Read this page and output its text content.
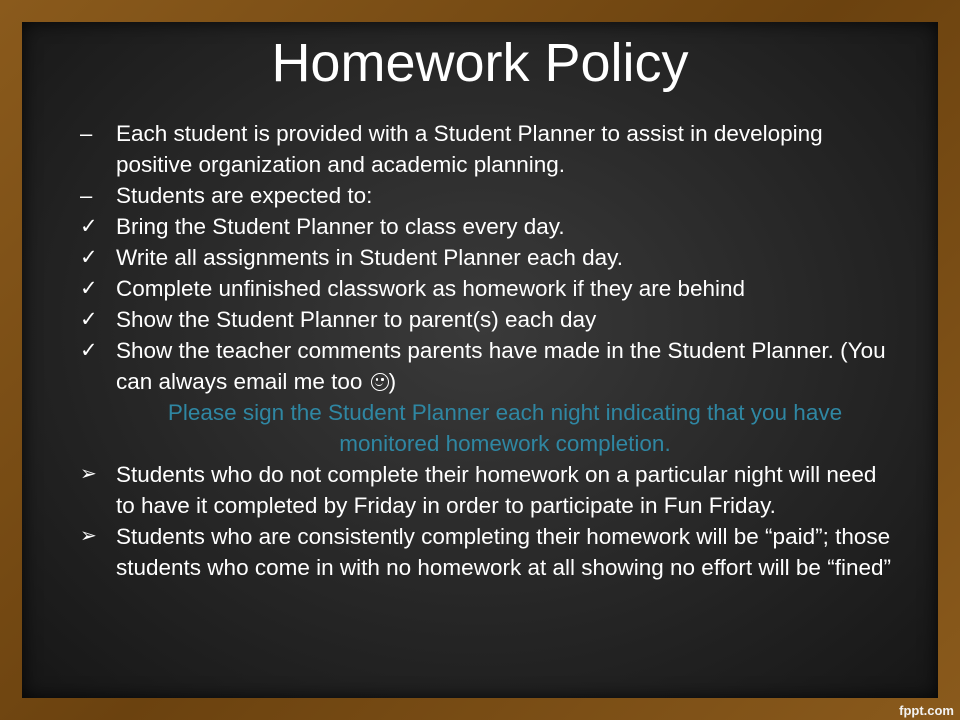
Homework Policy
–	Each student is provided with a Student Planner to assist in developing positive organization and academic planning.
–	Students are expected to:
✓ Bring the Student Planner to class every day.
✓ Write all assignments in Student Planner each day.
✓ Complete unfinished classwork as homework if they are behind
✓ Show the Student Planner to parent(s) each day
✓ Show the teacher comments parents have made in the Student Planner. (You can always email me too
)
Please sign the Student Planner each night indicating that you have monitored homework completion.
➢ Students who do not complete their homework on a particular night will need to have it completed by Friday in order to participate in Fun Friday.
➢ Students who are consistently completing their homework will be “paid”; those students who come in with no homework at all showing no effort will be “fined”
fppt.com
